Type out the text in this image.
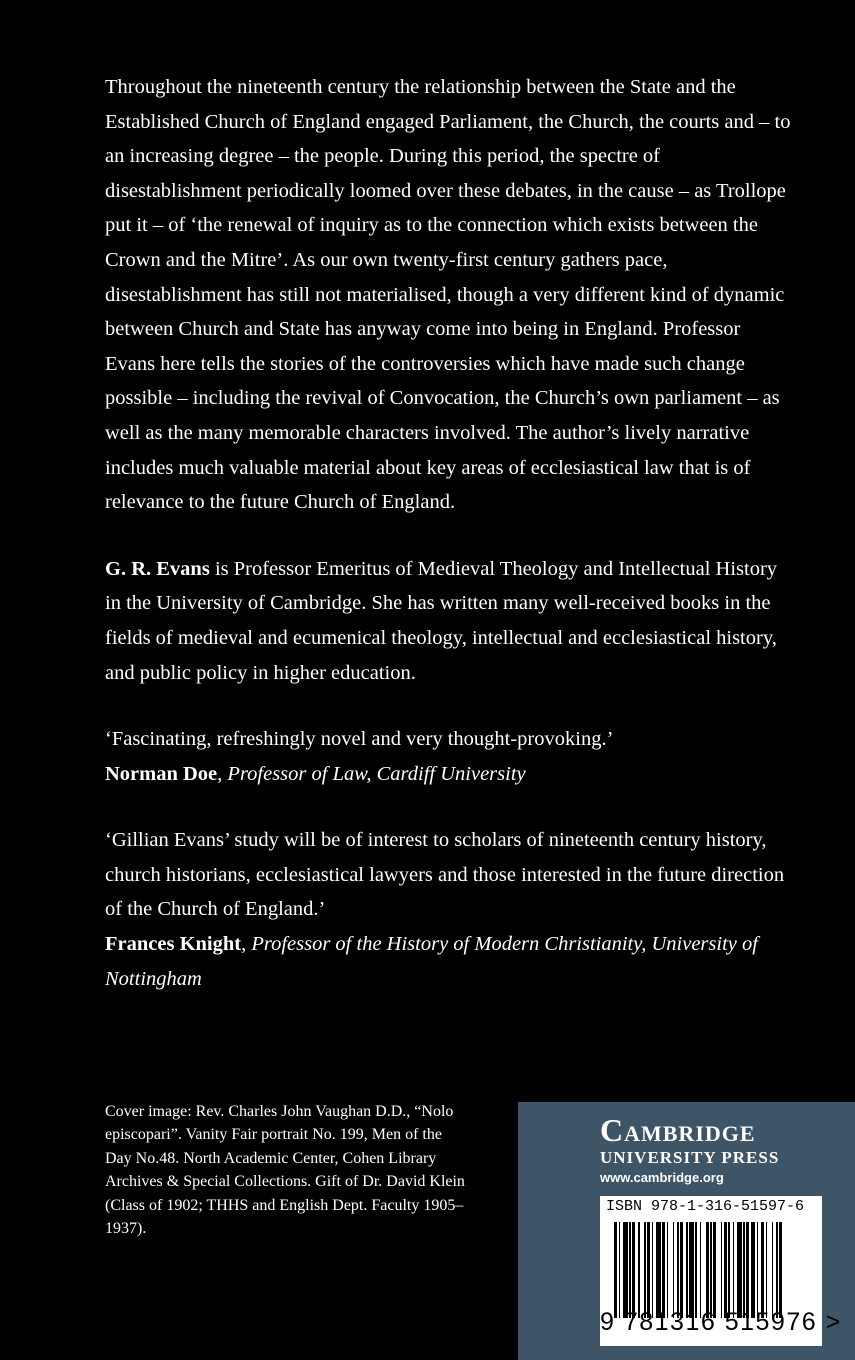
Throughout the nineteenth century the relationship between the State and the Established Church of England engaged Parliament, the Church, the courts and – to an increasing degree – the people. During this period, the spectre of disestablishment periodically loomed over these debates, in the cause – as Trollope put it – of ‘the renewal of inquiry as to the connection which exists between the Crown and the Mitre’. As our own twenty-first century gathers pace, disestablishment has still not materialised, though a very different kind of dynamic between Church and State has anyway come into being in England. Professor Evans here tells the stories of the controversies which have made such change possible – including the revival of Convocation, the Church’s own parliament – as well as the many memorable characters involved. The author’s lively narrative includes much valuable material about key areas of ecclesiastical law that is of relevance to the future Church of England.

G. R. Evans is Professor Emeritus of Medieval Theology and Intellectual History in the University of Cambridge. She has written many well-received books in the fields of medieval and ecumenical theology, intellectual and ecclesiastical history, and public policy in higher education.

‘Fascinating, refreshingly novel and very thought-provoking.’
Norman Doe, Professor of Law, Cardiff University
‘Gillian Evans’ study will be of interest to scholars of nineteenth century history, church historians, ecclesiastical lawyers and those interested in the future direction of the Church of England.’
Frances Knight, Professor of the History of Modern Christianity, University of Nottingham
Cover image: Rev. Charles John Vaughan D.D., “Nolo episcopari”. Vanity Fair portrait No. 199, Men of the Day No.48. North Academic Center, Cohen Library Archives & Special Collections. Gift of Dr. David Klein (Class of 1902; THHS and English Dept. Faculty 1905–1937).
Cambridge
UNIVERSITY PRESS
www.cambridge.org
ISBN 978-1-316-51597-6
9 781316 515976 >
